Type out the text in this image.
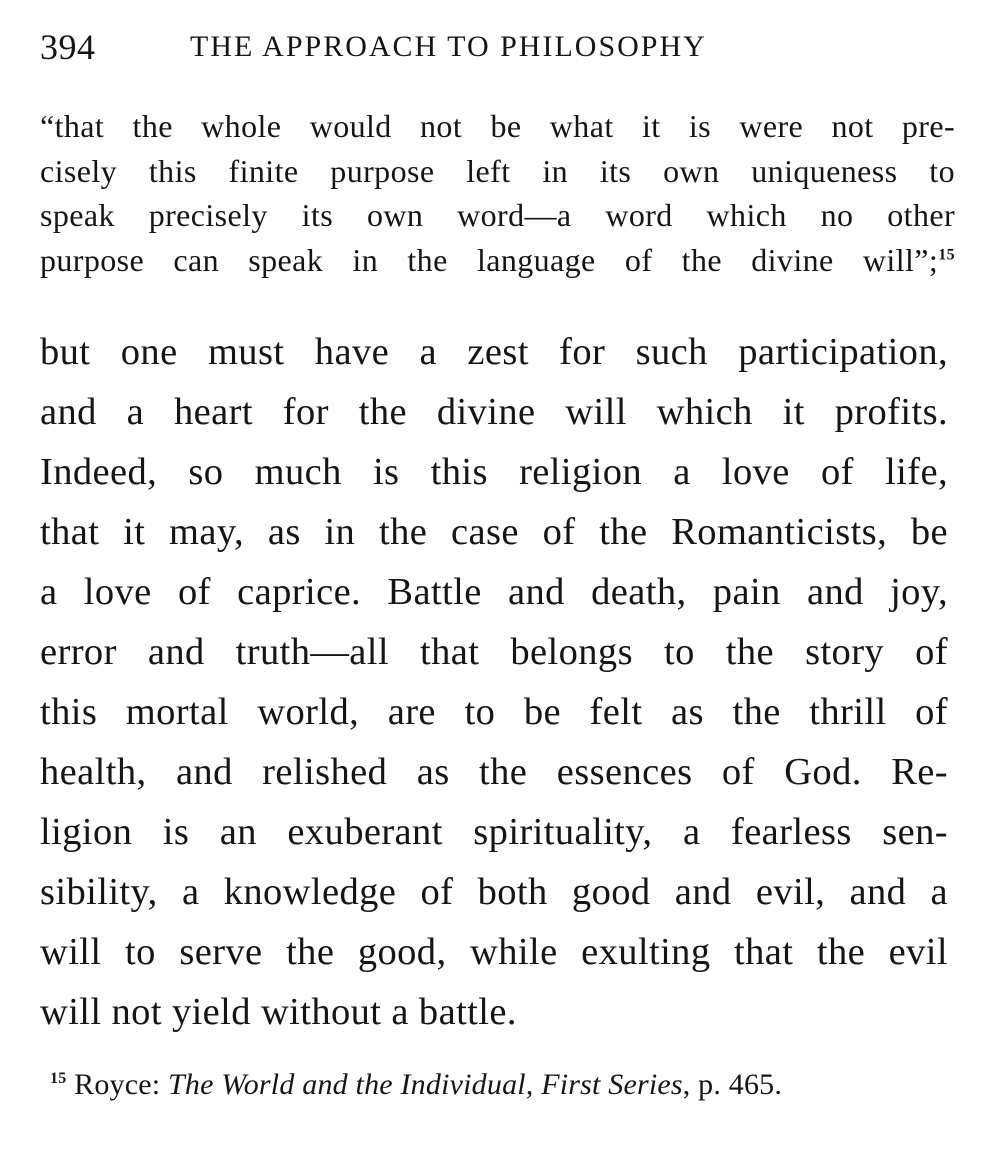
394	THE APPROACH TO PHILOSOPHY
“that the whole would not be what it is were not pre-
cisely this finite purpose left in its own uniqueness to
speak precisely its own word—a word which no other
purpose can speak in the language of the divine will”;$^{15}$
but one must have a zest for such participation,
and a heart for the divine will which it profits.
Indeed, so much is this religion a love of life,
that it may, as in the case of the Romanticists, be
a love of caprice. Battle and death, pain and joy,
error and truth—all that belongs to the story of
this mortal world, are to be felt as the thrill of
health, and relished as the essences of God. Re-
ligion is an exuberant spirituality, a fearless sen-
sibility, a knowledge of both good and evil, and a
will to serve the good, while exulting that the evil
will not yield without a battle.
$^{15}$ Royce: The World and the Individual, First Series, p. 465.
